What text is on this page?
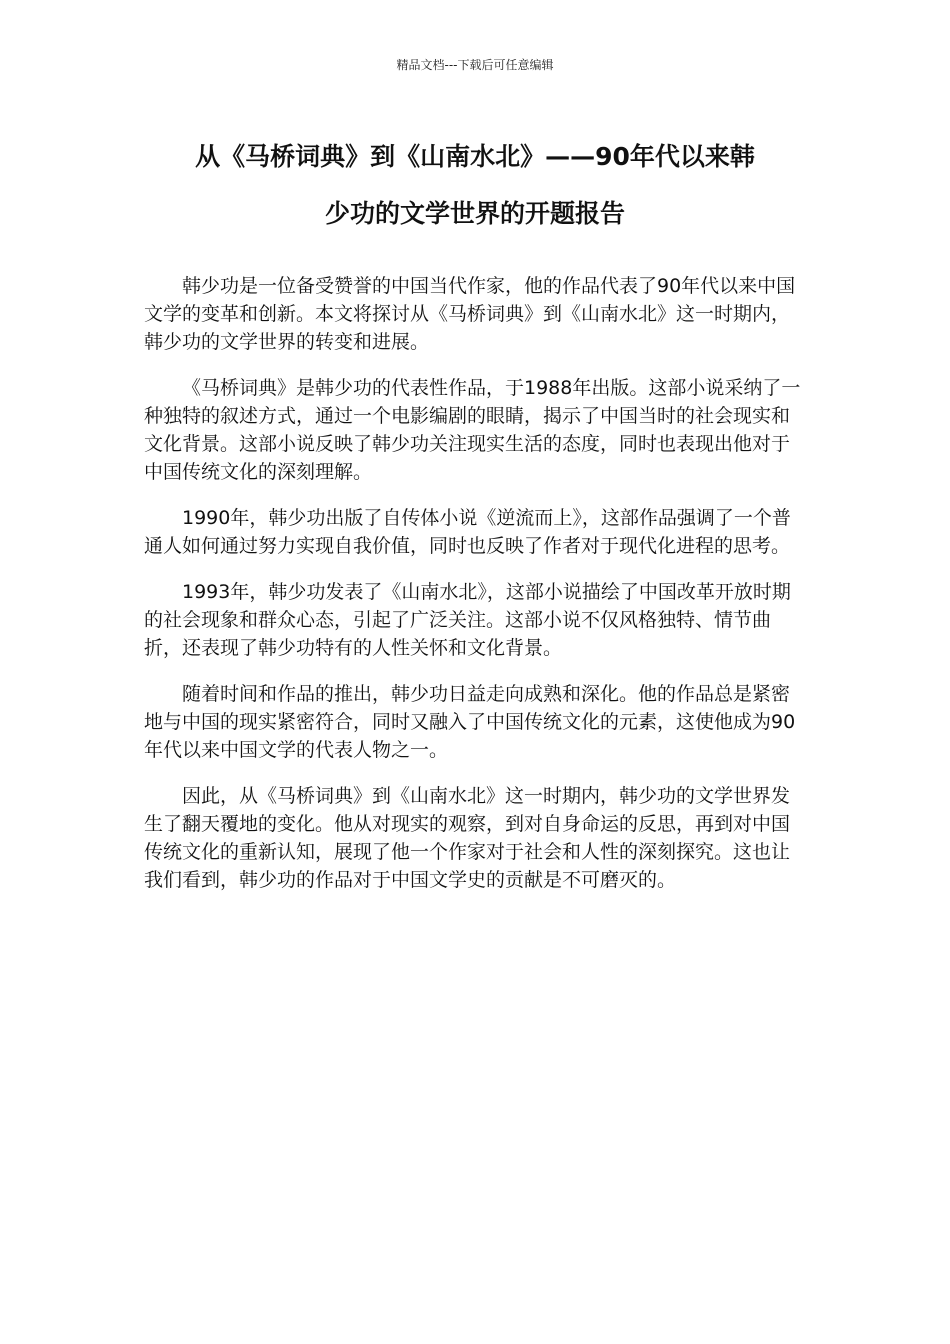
精品文档---下载后可任意编辑
从《马桥词典》到《山南水北》——90年代以来韩
少功的文学世界的开题报告

韩少功是一位备受赞誉的中国当代作家，他的作品代表了90年代以来中国文学的变革和创新。本文将探讨从《马桥词典》到《山南水北》这一时期内，韩少功的文学世界的转变和进展。

《马桥词典》是韩少功的代表性作品，于1988年出版。这部小说采纳了一种独特的叙述方式，通过一个电影编剧的眼睛，揭示了中国当时的社会现实和文化背景。这部小说反映了韩少功关注现实生活的态度，同时也表现出他对于中国传统文化的深刻理解。

1990年，韩少功出版了自传体小说《逆流而上》，这部作品强调了一个普通人如何通过努力实现自我价值，同时也反映了作者对于现代化进程的思考。

1993年，韩少功发表了《山南水北》，这部小说描绘了中国改革开放时期的社会现象和群众心态，引起了广泛关注。这部小说不仅风格独特、情节曲折，还表现了韩少功特有的人性关怀和文化背景。

随着时间和作品的推出，韩少功日益走向成熟和深化。他的作品总是紧密地与中国的现实紧密符合，同时又融入了中国传统文化的元素，这使他成为90年代以来中国文学的代表人物之一。

因此，从《马桥词典》到《山南水北》这一时期内，韩少功的文学世界发生了翻天覆地的变化。他从对现实的观察，到对自身命运的反思，再到对中国传统文化的重新认知，展现了他一个作家对于社会和人性的深刻探究。这也让我们看到，韩少功的作品对于中国文学史的贡献是不可磨灭的。
